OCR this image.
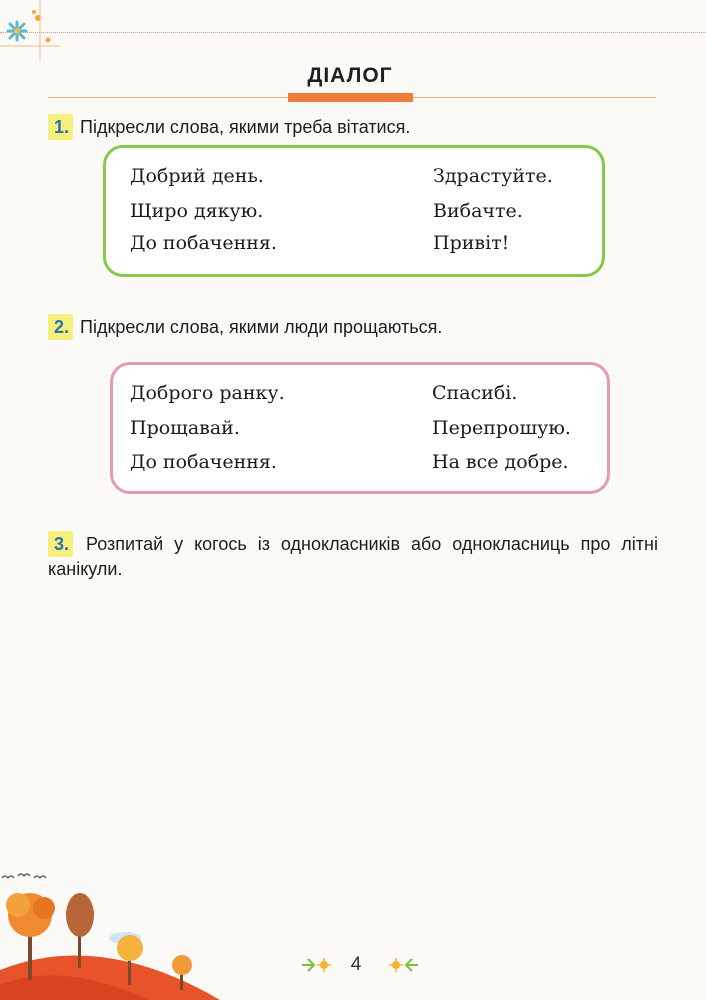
ДІАЛОГ
1. Підкресли слова, якими треба вітатися.
Добрий день.	Здрастуйте.
Щиро дякую.	Вибачте.
До побачення.	Привіт!
2. Підкресли слова, якими люди прощаються.
Доброго ранку.	Спасибі.
Прощавай.	Перепрошую.
До побачення.	На все добре.
3. Розпитай у когось із однокласників або однокласниць про літні канікули.
4
